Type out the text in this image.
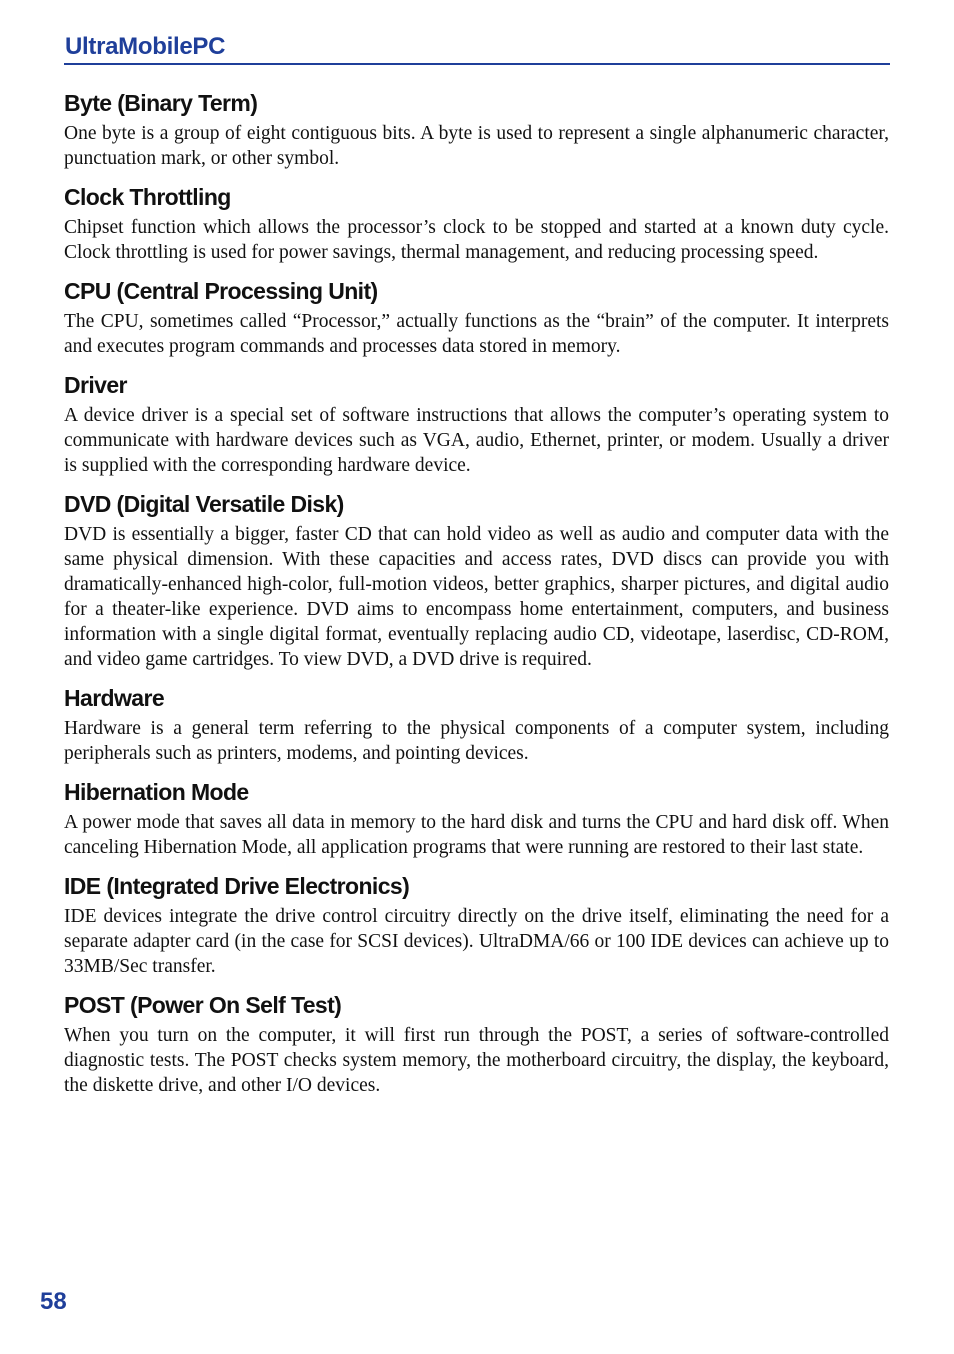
UltraMobilePC
Byte (Binary Term)

One byte is a group of eight contiguous bits. A byte is used to represent a single alphanumeric character, punctuation mark, or other symbol.

Clock Throttling

Chipset function which allows the processor’s clock to be stopped and started at a known duty cycle. Clock throttling is used for power savings, thermal management, and reducing processing speed.

CPU (Central Processing Unit)

The CPU, sometimes called “Processor,” actually functions as the “brain” of the computer. It interprets and executes program commands and processes data stored in memory.

Driver

A device driver is a special set of software instructions that allows the computer’s operating system to communicate with hardware devices such as VGA, audio, Ethernet, printer, or modem. Usually a driver is supplied with the corresponding hardware device.

DVD (Digital Versatile Disk)

DVD is essentially a bigger, faster CD that can hold video as well as audio and computer data with the same physical dimension. With these capacities and access rates, DVD discs can provide you with dramatically-enhanced high-color, full-motion videos, better graphics, sharper pictures, and digital audio for a theater-like experience. DVD aims to encompass home entertainment, computers, and business information with a single digital format, eventually replacing audio CD, videotape, laserdisc, CD-ROM, and video game cartridges. To view DVD, a DVD drive is required.

Hardware

Hardware is a general term referring to the physical components of a computer system, including peripherals such as printers, modems, and pointing devices.

Hibernation Mode

A power mode that saves all data in memory to the hard disk and turns the CPU and hard disk off. When canceling Hibernation Mode, all application programs that were running are restored to their last state.

IDE (Integrated Drive Electronics)

IDE devices integrate the drive control circuitry directly on the drive itself, eliminating the need for a separate adapter card (in the case for SCSI devices). UltraDMA/66 or 100 IDE devices can achieve up to 33MB/Sec transfer.

POST (Power On Self Test)

When you turn on the computer, it will first run through the POST, a series of software-controlled diagnostic tests. The POST checks system memory, the motherboard circuitry, the display, the keyboard, the diskette drive, and other I/O devices.

58
